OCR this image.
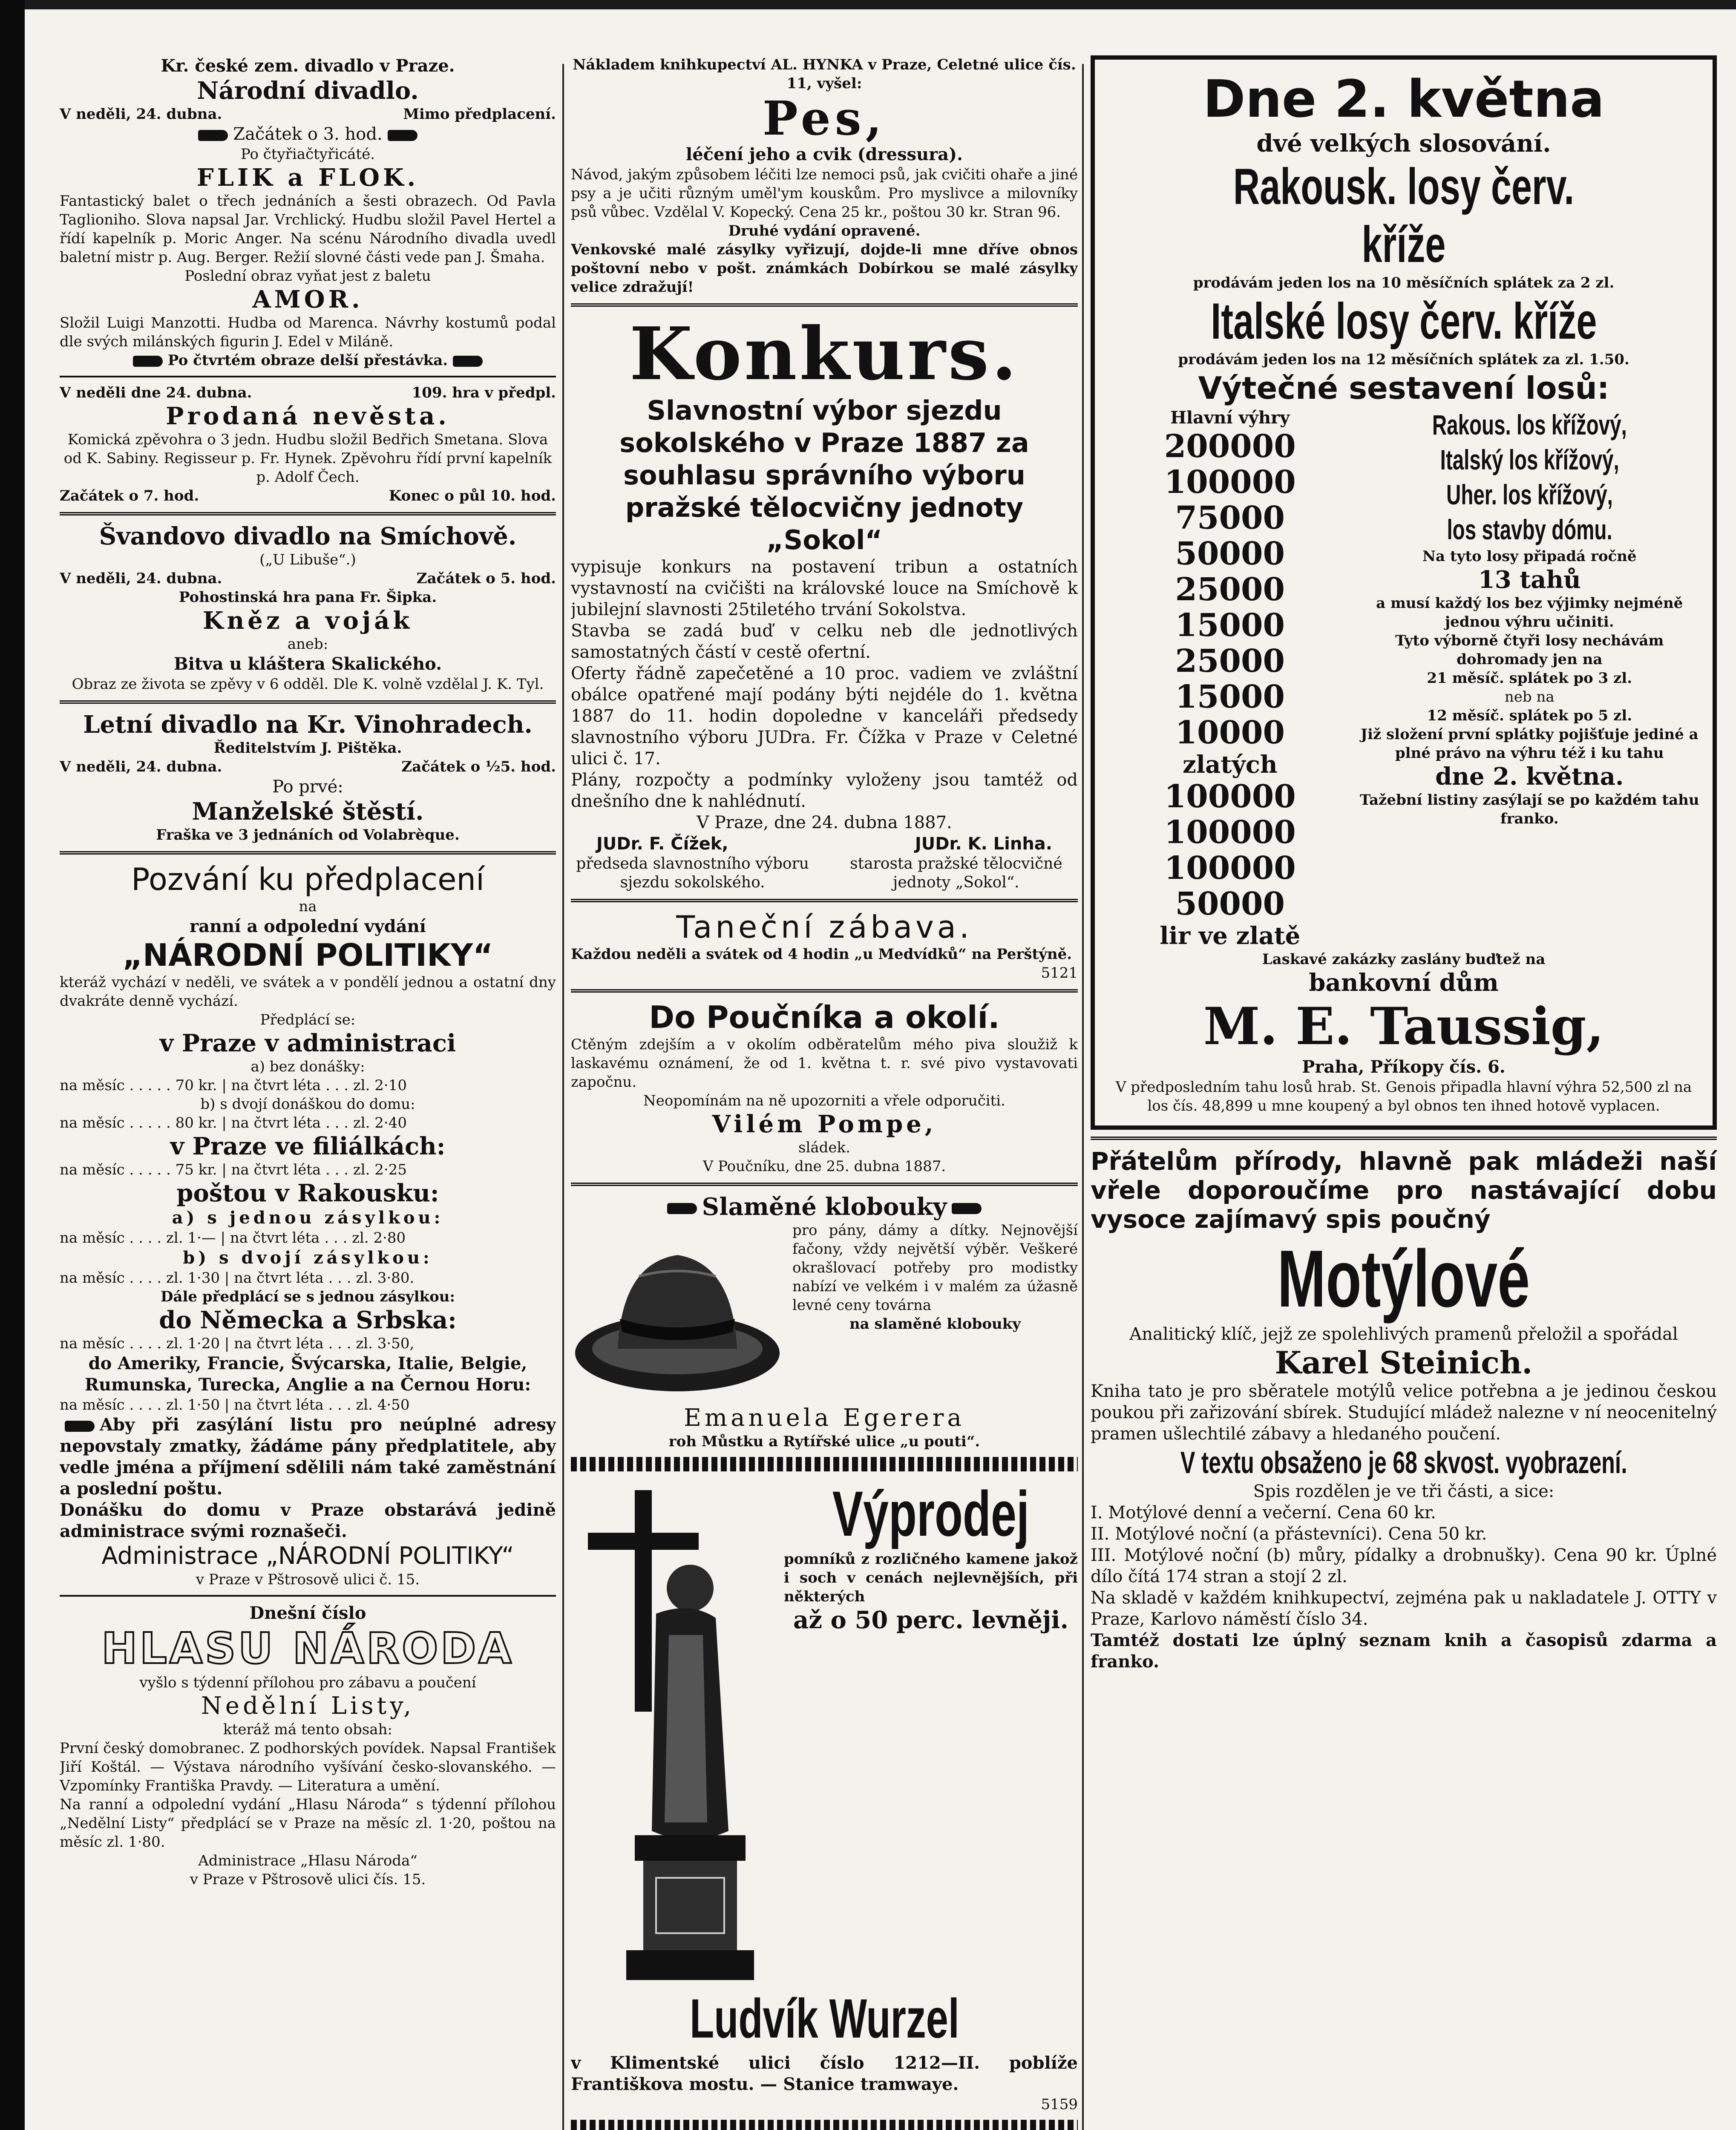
Kr. české zem. divadlo v Praze.

Národní divadlo.

V neděli, 24. dubna.	Mimo předplacení.

Začátek o 3. hod.

Po čtyřiačtyřicáté.

FLIK a FLOK.

Fantastický balet o třech jednáních a šesti obrazech. Od Pavla Taglioniho. Slova napsal Jar. Vrchlický. Hudbu složil Pavel Hertel a řídí kapelník p. Moric Anger. Na scénu Národního divadla uvedl baletní mistr p. Aug. Berger. Režií slovné části vede pan J. Šmaha.

Poslední obraz vyňat jest z baletu

AMOR.

Složil Luigi Manzotti. Hudba od Marenca. Návrhy kostumů podal dle svých milánských figurin J. Edel v Miláně.

Po čtvrtém obraze delší přestávka.

V neděli dne 24. dubna.	109. hra v předpl.

Prodaná nevěsta.

Komická zpěvohra o 3 jedn. Hudbu složil Bedřich Smetana. Slova od K. Sabiny. Regisseur p. Fr. Hynek. Zpěvohru řídí první kapelník p. Adolf Čech.

Začátek o 7. hod.	Konec o půl 10. hod.

Švandovo divadlo na Smíchově.

(„U Libuše“.)

V neděli, 24. dubna.	Začátek o 5. hod.

Pohostinská hra pana Fr. Šipka.

Kněz a voják

aneb:

Bitva u kláštera Skalického.

Obraz ze života se zpěvy v 6 odděl. Dle K. volně vzdělal J. K. Tyl.

Letní divadlo na Kr. Vinohradech.

Ředitelstvím J. Pištěka.

V neděli, 24. dubna.	Začátek o ½5. hod.

Po prvé:

Manželské štěstí.

Fraška ve 3 jednáních od Volabrèque.

Pozvání ku předplacení

na

ranní a odpolední vydání

„NÁRODNÍ POLITIKY“

kteráž vychází v neděli, ve svátek a v pondělí jednou a ostatní dny dvakráte denně vychází.

Předplácí se:

v Praze v administraci

a) bez donášky:

na měsíc . . . . . 70 kr. | na čtvrt léta . . . zl. 2·10

b) s dvojí donáškou do domu:

na měsíc . . . . . 80 kr. | na čtvrt léta . . . zl. 2·40

v Praze ve filiálkách:

na měsíc . . . . . 75 kr. | na čtvrt léta . . . zl. 2·25

poštou v Rakousku:

a) s jednou zásylkou:

na měsíc . . . . zl. 1·— | na čtvrt léta . . . zl. 2·80

b) s dvojí zásylkou:

na měsíc . . . . zl. 1·30 | na čtvrt léta . . . zl. 3·80.

Dále předplácí se s jednou zásylkou:

do Německa a Srbska:

na měsíc . . . . zl. 1·20 | na čtvrt léta . . . zl. 3·50,

do Ameriky, Francie, Švýcarska, Italie, Belgie, Rumunska, Turecka, Anglie a na Černou Horu:

na měsíc . . . . zl. 1·50 | na čtvrt léta . . . zl. 4·50

Aby při zasýlání listu pro neúplné adresy nepovstaly zmatky, žádáme pány předplatitele, aby vedle jména a příjmení sdělili nám také zaměstnání a poslední poštu.

Donášku do domu v Praze obstarává jedině administrace svými roznašeči.

Administrace „NÁRODNÍ POLITIKY“

v Praze v Pštrosově ulici č. 15.

Dnešní číslo

HLASU NÁRODA

vyšlo s týdenní přílohou pro zábavu a poučení

Nedělní Listy,

kteráž má tento obsah:

První český domobranec. Z podhorských povídek. Napsal František Jiří Koštál. — Výstava národního vyšívání česko-slovanského. — Vzpomínky Františka Pravdy. — Literatura a umění.

Na ranní a odpolední vydání „Hlasu Národa“ s týdenní přílohou „Nedělní Listy“ předplácí se v Praze na měsíc zl. 1·20, poštou na měsíc zl. 1·80.

Administrace „Hlasu Národa“

v Praze v Pštrosově ulici čís. 15.

Nákladem knihkupectví AL. HYNKA v Praze, Celetné ulice čís. 11, vyšel:

Pes,

léčení jeho a cvik (dressura).

Návod, jakým způsobem léčiti lze nemoci psů, jak cvičiti ohaře a jiné psy a je učiti různým uměl'ym kouskům. Pro myslivce a milovníky psů vůbec. Vzdělal V. Kopecký. Cena 25 kr., poštou 30 kr. Stran 96.

Druhé vydání opravené.

Venkovské malé zásylky vyřizují, dojde-li mne dříve obnos poštovní nebo v pošt. známkách Dobírkou se malé zásylky velice zdražují!

Konkurs.

Slavnostní výbor sjezdu sokolského v Praze 1887 za souhlasu správního výboru pražské tělocvičny jednoty „Sokol“

vypisuje konkurs na postavení tribun a ostatních vystavností na cvičišti na královské louce na Smíchově k jubilejní slavnosti 25tiletého trvání Sokolstva.

Stavba se zadá buď v celku neb dle jednotlivých samostatných částí v cestě ofertní.

Oferty řádně zapečetěné a 10 proc. vadiem ve zvláštní obálce opatřené mají podány býti nejdéle do 1. května 1887 do 11. hodin dopoledne v kanceláři předsedy slavnostního výboru JUDra. Fr. Čížka v Praze v Celetné ulici č. 17.

Plány, rozpočty a podmínky vyloženy jsou tamtéž od dnešního dne k nahlédnutí.

V Praze, dne 24. dubna 1887.

JUDr. F. Čížek,	JUDr. K. Linha.
předseda slavnostního výboru sjezdu sokolského.
starosta pražské tělocvičné jednoty „Sokol“.

Taneční zábava.

Každou neděli a svátek od 4 hodin „u Medvídků“ na Perštýně.

5121

Do Poučníka a okolí.

Ctěným zdejším a v okolím odběratelům mého piva sloužiž k laskavému oznámení, že od 1. května t. r. své pivo vystavovati započnu.

Neopomínám na ně upozorniti a vřele odporučiti.

Vilém Pompe,

sládek.

V Poučníku, dne 25. dubna 1887.

Slaměné klobouky

pro pány, dámy a dítky. Nejnovější fačony, vždy největší výběr. Veškeré okrašlovací potřeby pro modistky nabízí ve velkém i v malém za úžasně levné ceny továrna

na slaměné klobouky

Emanuela Egerera

roh Můstku a Rytířské ulice „u pouti“.

Výprodej

pomníků z rozličného kamene jakož i soch v cenách nejlevnějších, při některých

až o 50 perc. levněji.

Ludvík Wurzel

v Klimentské ulici číslo 1212—II. poblíže Františkova mostu. — Stanice tramwaye.

5159

Dne 2. května

dvé velkých slosování.

Rakousk. losy červ. kříže

prodávám jeden los na 10 měsíčních splátek za 2 zl.

Italské losy červ. kříže

prodávám jeden los na 12 měsíčních splátek za zl. 1.50.

Výtečné sestavení losů:

Hlavní výhry

200000

100000

75000

50000

25000

15000

25000

15000

10000

zlatých

100000

100000

100000

50000

lir ve zlatě

Rakous. los křížový,

Italský los křížový,

Uher. los křížový,

los stavby dómu.

Na tyto losy připadá ročně

13 tahů

a musí každý los bez výjimky nejméně jednou výhru učiniti.

Tyto výborně čtyři losy nechávám dohromady jen na

21 měsíč. splátek po 3 zl.

neb na

12 měsíč. splátek po 5 zl.

Již složení první splátky pojišťuje jediné a plné právo na výhru též i ku tahu

dne 2. května.

Tažební listiny zasýlají se po každém tahu franko.

Laskavé zakázky zaslány buďtež na

bankovní dům

M. E. Taussig,

Praha, Příkopy čís. 6.

V předposledním tahu losů hrab. St. Genois připadla hlavní výhra 52,500 zl na los čís. 48,899 u mne koupený a byl obnos ten ihned hotově vyplacen.

Přátelům přírody, hlavně pak mládeži naší vřele doporoučíme pro nastávající dobu vysoce zajímavý spis poučný

Motýlové

Analitický klíč, jejž ze spolehlivých pramenů přeložil a spořádal

Karel Steinich.

Kniha tato je pro sběratele motýlů velice potřebna a je jedinou českou poukou při zařizování sbírek. Studující mládež nalezne v ní neocenitelný pramen ušlechtilé zábavy a hledaného poučení.

V textu obsaženo je 68 skvost. vyobrazení.

Spis rozdělen je ve tři části, a sice:

I. Motýlové denní a večerní. Cena 60 kr.

II. Motýlové noční (a přástevníci). Cena 50 kr.

III. Motýlové noční (b) můry, pídalky a drobnušky). Cena 90 kr. Úplné dílo čítá 174 stran a stojí 2 zl.

Na skladě v každém knihkupectví, zejména pak u nakladatele J. OTTY v Praze, Karlovo náměstí číslo 34.

Tamtéž dostati lze úplný seznam knih a časopisů zdarma a franko.
